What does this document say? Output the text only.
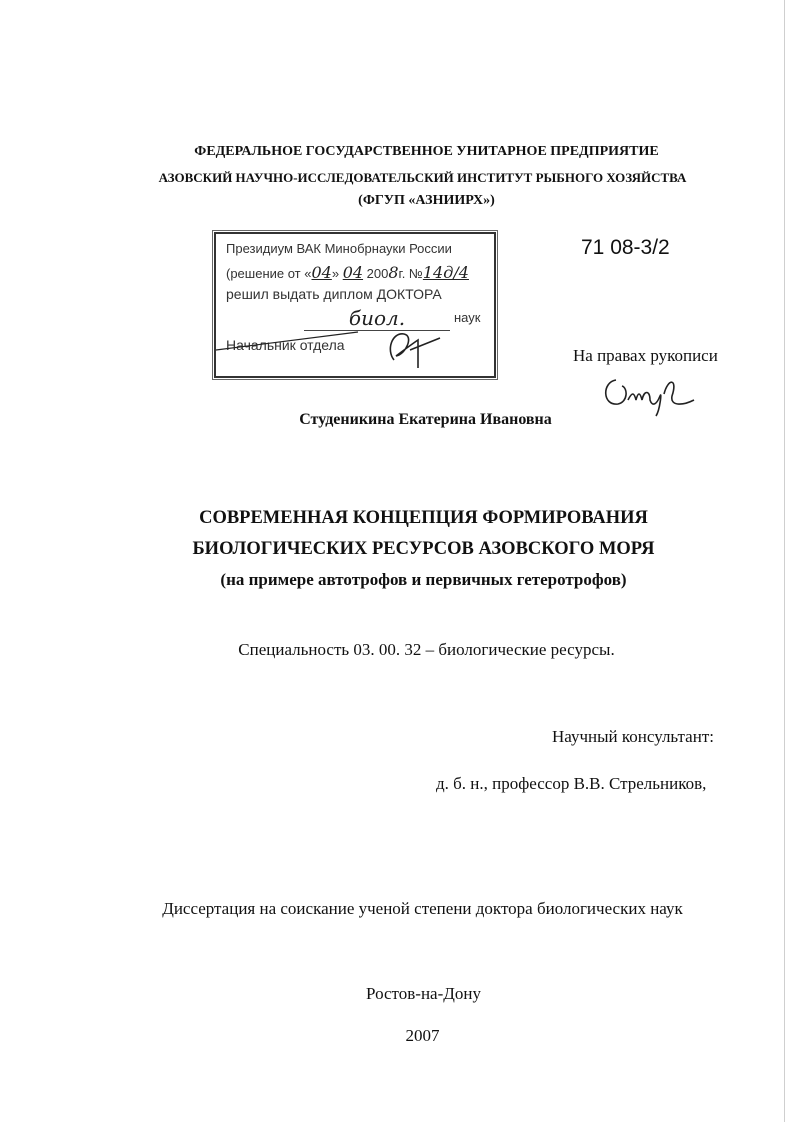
ФЕДЕРАЛЬНОЕ ГОСУДАРСТВЕННОЕ УНИТАРНОЕ ПРЕДПРИЯТИЕ
АЗОВСКИЙ НАУЧНО-ИССЛЕДОВАТЕЛЬСКИЙ ИНСТИТУТ РЫБНОГО ХОЗЯЙСТВА
(ФГУП «АЗНИИРХ»)
Президиум ВАК Минобрнауки России
(решение от «04» 04 2008г. №14д/4
решил выдать диплом ДОКТОРА
биол.	наук
Начальник отдела
71 08-3/2
На правах рукописи
Студеникина Екатерина Ивановна
СОВРЕМЕННАЯ КОНЦЕПЦИЯ ФОРМИРОВАНИЯ
БИОЛОГИЧЕСКИХ РЕСУРСОВ АЗОВСКОГО МОРЯ
(на примере автотрофов и первичных гетеротрофов)
Специальность 03. 00. 32 – биологические ресурсы.
Научный консультант:
д. б. н., профессор В.В. Стрельников,
Диссертация на соискание ученой степени доктора биологических наук
Ростов-на-Дону
2007
